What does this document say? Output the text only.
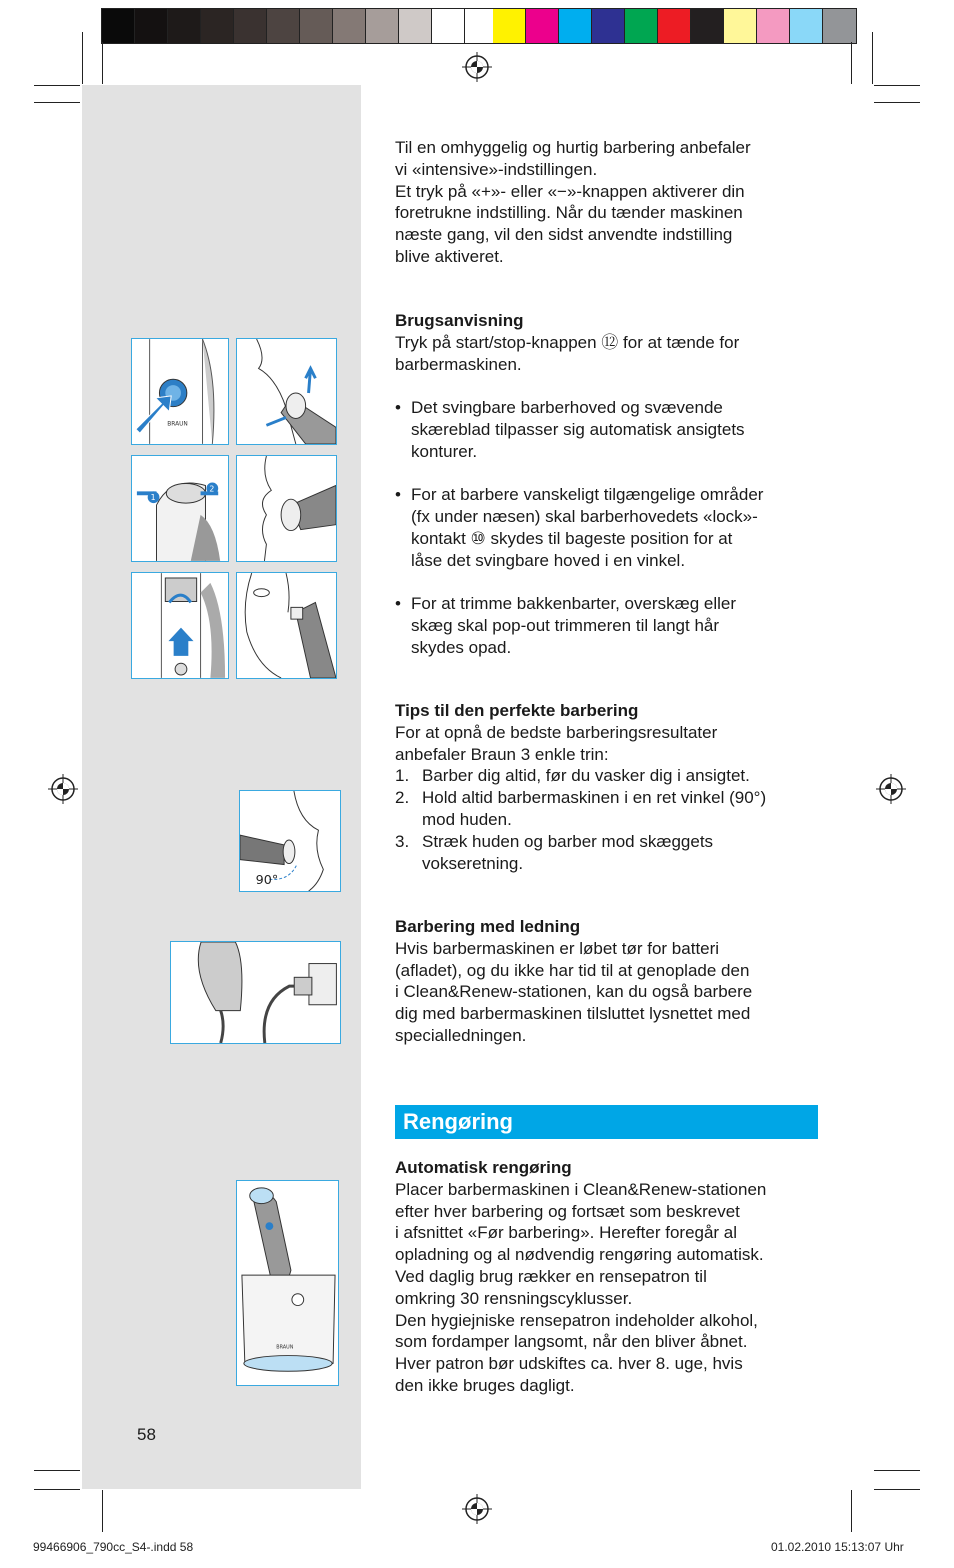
BRAUN
1
2
90°
BRAUN
Til en omhyggelig og hurtig barbering anbefaler
vi «intensive»-indstillingen.
Et tryk på «+»- eller «−»-knappen aktiverer din
foretrukne indstilling. Når du tænder maskinen
næste gang, vil den sidst anvendte indstilling
blive aktiveret.
Brugsanvisning
Tryk på start/stop-knappen ⑫ for at tænde for
barbermaskinen.
• Det svingbare barberhoved og svævende
skæreblad tilpasser sig automatisk ansigtets
konturer.
• For at barbere vanskeligt tilgængelige områder
(fx under næsen) skal barberhovedets «lock»-
kontakt ⑩ skydes til bageste position for at
låse det svingbare hoved i en vinkel.
• For at trimme bakkenbarter, overskæg eller
skæg skal pop-out trimmeren til langt hår
skydes opad.
Tips til den perfekte barbering
For at opnå de bedste barberingsresultater
anbefaler Braun 3 enkle trin:
1. Barber dig altid, før du vasker dig i ansigtet.
2. Hold altid barbermaskinen i en ret vinkel (90°)
mod huden.
3. Stræk huden og barber mod skæggets
vokseretning.
Barbering med ledning
Hvis barbermaskinen er løbet tør for batteri
(afladet), og du ikke har tid til at genoplade den
i Clean&Renew-stationen, kan du også barbere
dig med barbermaskinen tilsluttet lysnettet med
specialledningen.
Rengøring
Automatisk rengøring
Placer barbermaskinen i Clean&Renew-stationen
efter hver barbering og fortsæt som beskrevet
i afsnittet «Før barbering». Herefter foregår al
opladning og al nødvendig rengøring automatisk.
Ved daglig brug rækker en rensepatron til
omkring 30 rensningscyklusser.
Den hygiejniske rensepatron indeholder alkohol,
som fordamper langsomt, når den bliver åbnet.
Hver patron bør udskiftes ca. hver 8. uge, hvis
den ikke bruges dagligt.
58
99466906_790cc_S4-.indd 58	01.02.2010 15:13:07 Uhr
